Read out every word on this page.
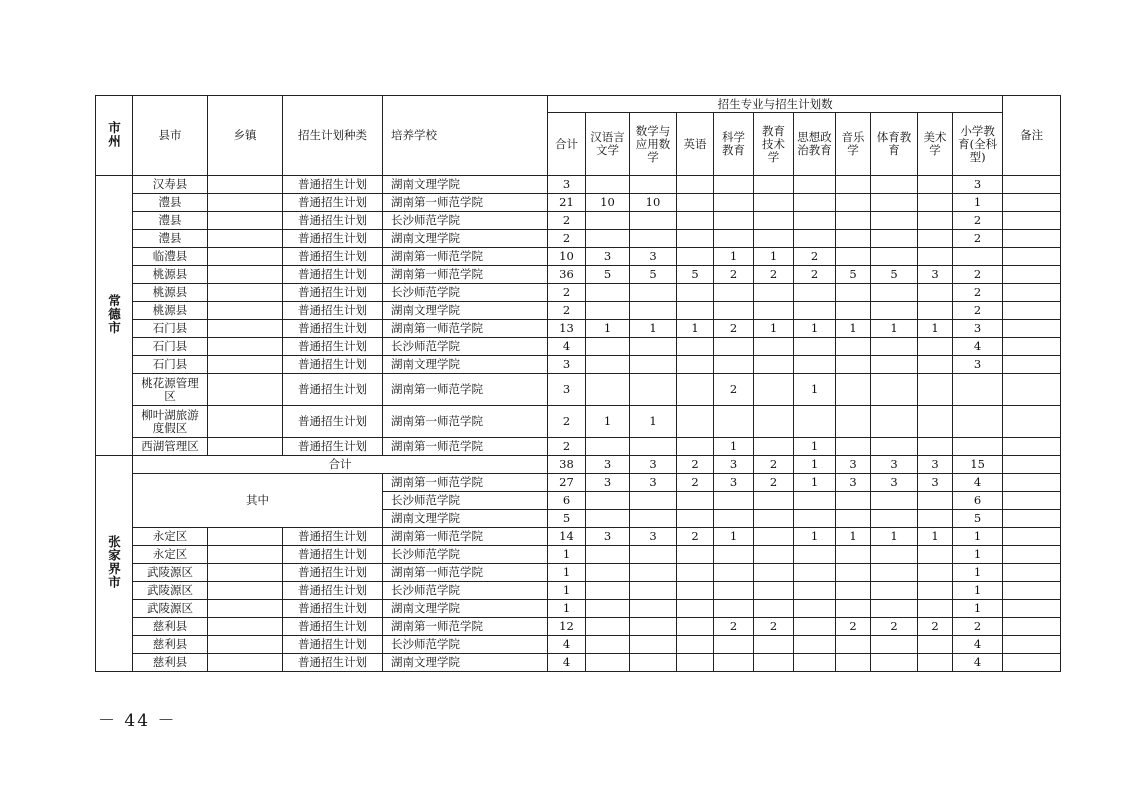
市州	县市	乡镇	招生计划种类	培养学校	招生专业与招生计划数											备注
					合计	汉语言文学	数学与应用数学	英语	科学教育	教育技术学	思想政治教育	音乐学	体育教育	美术学	小学教育(全科型)	
常德市	汉寿县		普通招生计划	湖南文理学院	3										3	
	澧县		普通招生计划	湖南第一师范学院	21	10	10								1	
	澧县		普通招生计划	长沙师范学院	2										2	
	澧县		普通招生计划	湖南文理学院	2										2	
	临澧县		普通招生计划	湖南第一师范学院	10	3	3		1	1	2					
	桃源县		普通招生计划	湖南第一师范学院	36	5	5	5	2	2	2	5	5	3	2	
	桃源县		普通招生计划	长沙师范学院	2										2	
	桃源县		普通招生计划	湖南文理学院	2										2	
	石门县		普通招生计划	湖南第一师范学院	13	1	1	1	2	1	1	1	1	1	3	
	石门县		普通招生计划	长沙师范学院	4										4	
	石门县		普通招生计划	湖南文理学院	3										3	
	桃花源管理区		普通招生计划	湖南第一师范学院	3				2		1					
	柳叶湖旅游度假区		普通招生计划	湖南第一师范学院	2	1	1									
	西湖管理区		普通招生计划	湖南第一师范学院	2				1		1					
张家界市	合计				38	3	3	2	3	2	1	3	3	3	15	
	其中			湖南第一师范学院	27	3	3	2	3	2	1	3	3	3	4	
				长沙师范学院	6										6	
				湖南文理学院	5										5	
	永定区		普通招生计划	湖南第一师范学院	14	3	3	2	1		1	1	1	1	1	
	永定区		普通招生计划	长沙师范学院	1										1	
	武陵源区		普通招生计划	湖南第一师范学院	1										1	
	武陵源区		普通招生计划	长沙师范学院	1										1	
	武陵源区		普通招生计划	湖南文理学院	1										1	
	慈利县		普通招生计划	湖南第一师范学院	12				2	2		2	2	2	2	
	慈利县		普通招生计划	长沙师范学院	4										4	
	慈利县		普通招生计划	湖南文理学院	4										4	
－ 44 －
